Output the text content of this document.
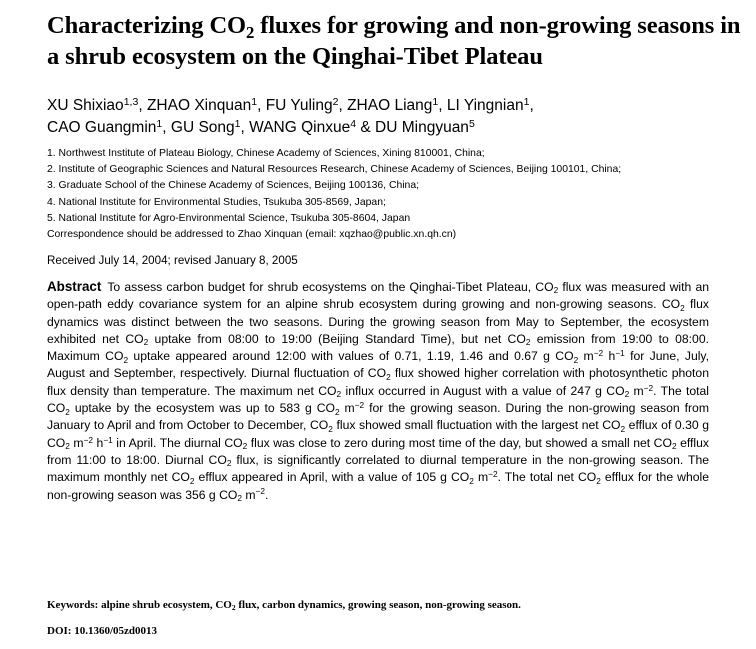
Characterizing $CO_2$ fluxes for growing and non-growing seasons in a shrub ecosystem on the Qinghai-Tibet Plateau

XU Shixiao$^{1,3}$, ZHAO Xinquan$^1$, FU Yuling$^2$, ZHAO Liang$^1$, LI Yingnian$^1$,
CAO Guangmin$^1$, GU Song$^1$, WANG Qinxue$^4$ & DU Mingyuan$^5$

1. Northwest Institute of Plateau Biology, Chinese Academy of Sciences, Xining 810001, China;
2. Institute of Geographic Sciences and Natural Resources Research, Chinese Academy of Sciences, Beijing 100101, China;
3. Graduate School of the Chinese Academy of Sciences, Beijing 100136, China;
4. National Institute for Environmental Studies, Tsukuba 305-8569, Japan;
5. National Institute for Agro-Environmental Science, Tsukuba 305-8604, Japan
Correspondence should be addressed to Zhao Xinquan (email: xqzhao@public.xn.qh.cn)
Received July 14, 2004; revised January 8, 2005

Abstract To assess carbon budget for shrub ecosystems on the Qinghai-Tibet Plateau, $CO_2$ flux was measured with an open-path eddy covariance system for an alpine shrub ecosystem during growing and non-growing seasons. $CO_2$ flux dynamics was distinct between the two seasons. During the growing season from May to September, the ecosystem exhibited net $CO_2$ uptake from 08:00 to 19:00 (Beijing Standard Time), but net $CO_2$ emission from 19:00 to 08:00. Maximum $CO_2$ uptake appeared around 12:00 with values of 0.71, 1.19, 1.46 and 0.67 g $CO_2$ $m^{-2}$ $h^{-1}$ for June, July, August and September, respectively. Diurnal fluctuation of $CO_2$ flux showed higher correlation with photosynthetic photon flux density than temperature. The maximum net $CO_2$ influx occurred in August with a value of 247 g $CO_2$ $m^{-2}$. The total $CO_2$ uptake by the ecosystem was up to 583 g $CO_2$ $m^{-2}$ for the growing season. During the non-growing season from January to April and from October to December, $CO_2$ flux showed small fluctuation with the largest net $CO_2$ efflux of 0.30 g $CO_2$ $m^{-2}$ $h^{-1}$ in April. The diurnal $CO_2$ flux was close to zero during most time of the day, but showed a small net $CO_2$ efflux from 11:00 to 18:00. Diurnal $CO_2$ flux, is significantly correlated to diurnal temperature in the non-growing season. The maximum monthly net $CO_2$ efflux appeared in April, with a value of 105 g $CO_2$ $m^{-2}$. The total net $CO_2$ efflux for the whole non-growing season was 356 g $CO_2$ $m^{-2}$.

Keywords: alpine shrub ecosystem, $CO_2$ flux, carbon dynamics, growing season, non-growing season.

DOI: 10.1360/05zd0013
